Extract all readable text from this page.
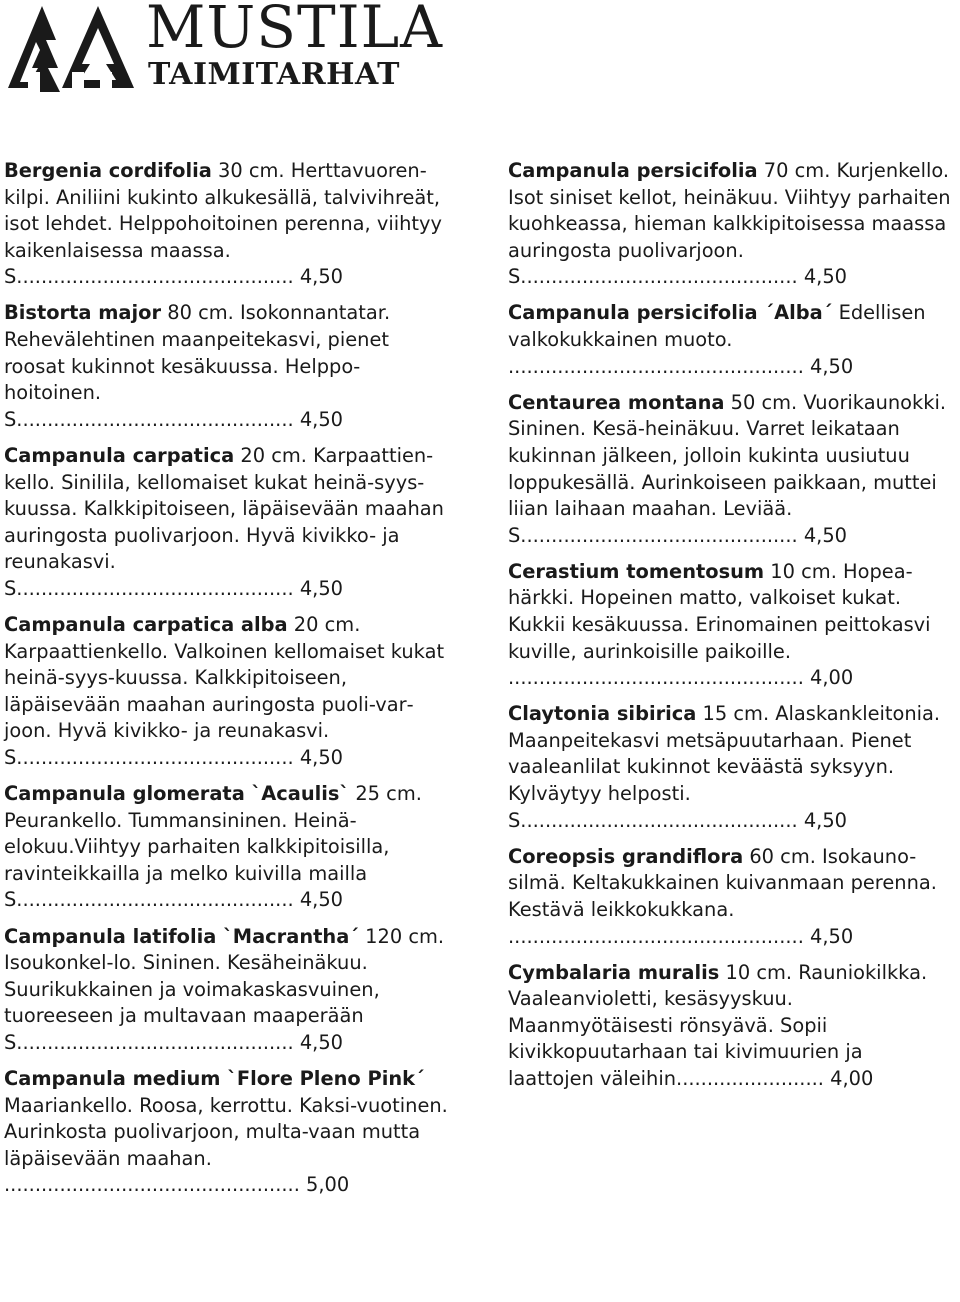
MUSTILA
TAIMITARHAT
Bergenia cordifolia 30 cm. Herttavuoren-kilpi. Aniliini kukinto alkukesällä, talvivihreät, isot lehdet. Helppohoitoinen perenna, viihtyy kaikenlaisessa maassa.

S............................................. 4,50

Bistorta major 80 cm. Isokonnantatar. Rehevälehtinen maanpeitekasvi, pienet roosat kukinnot kesäkuussa. Helppohoitoinen.

S............................................. 4,50

Campanula carpatica 20 cm. Karpaattien-kello. Sinililа, kellomaiset kukat heinä-syys-kuussa. Kalkkipitoiseen, läpäisevään maahan auringosta puolivarjoon. Hyvä kivikko- ja reunakasvi.

S............................................. 4,50

Campanula carpatica alba 20 cm. Karpaattienkello. Valkoinen kellomaiset kukat heinä-syys-kuussa. Kalkkipitoiseen, läpäisevään maahan auringosta puoli-varjoon. Hyvä kivikko- ja reunakasvi.

S............................................. 4,50

Campanula glomerata `Acaulis` 25 cm. Peurankello. Tummansininen. Heinä-elokuu.Viihtyy parhaiten kalkkipitoisilla, ravinteikkailla ja melko kuivilla mailla

S............................................. 4,50

Campanula latifolia `Macrantha´ 120 cm. Isoukonkel-lo. Sininen. Kesäheinäkuu. Suurikukkainen ja voimakaskasvuinen, tuoreeseen ja multavaan maaperään

S............................................. 4,50

Campanula medium `Flore Pleno Pink´ Maariankello. Roosa, kerrottu. Kaksi-vuotinen. Aurinkosta puolivarjoon, multa-vaan mutta läpäisevään maahan.

................................................ 5,00

Campanula persicifolia 70 cm. Kurjenkello. Isot siniset kellot, heinäkuu. Viihtyy parhaiten kuohkeassa, hieman kalkkipitoisessa maassa auringosta puolivarjoon.

S............................................. 4,50

Campanula persicifolia ´Alba´ Edellisen valkokukkainen muoto.

................................................ 4,50

Centaurea montana 50 cm. Vuorikaunokki. Sininen. Kesä-heinäkuu. Varret leikataan kukinnan jälkeen, jolloin kukinta uusiutuu loppukesällä. Aurinkoiseen paikkaan, muttei liian laihaan maahan. Leviää.

S............................................. 4,50

Cerastium tomentosum 10 cm. Hopea-härkki. Hopeinen matto, valkoiset kukat. Kukkii kesäkuussa. Erinomainen peittokasvi kuville, aurinkoisille paikoille.

................................................ 4,00

Claytonia sibirica 15 cm. Alaskankleitonia. Maanpeitekasvi metsäpuutarhaan. Pienet vaaleanlilat kukinnot keväästä syksyyn. Kylväytyy helposti.

S............................................. 4,50

Coreopsis grandiflora 60 cm. Isokauno-silmä. Keltakukkainen kuivanmaan perenna. Kestävä leikkokukkana.

................................................ 4,50

Cymbalaria muralis 10 cm. Rauniokilkka. Vaaleanvioletti, kesäsyyskuu. Maanmyötäisesti rönsyävä. Sopii kivikkopuutarhaan tai kivimuurien ja laattojen väleihin........................ 4,00
